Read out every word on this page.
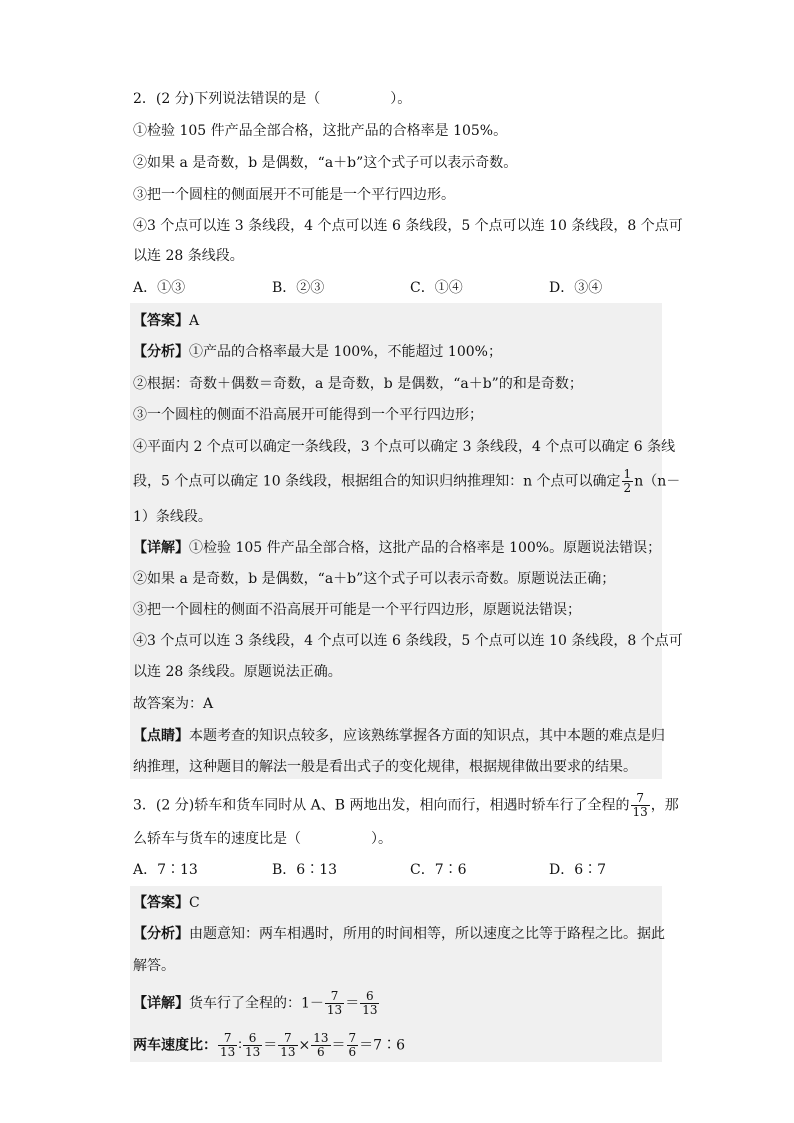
2．(2 分)下列说法错误的是（	）。
①检验 105 件产品全部合格，这批产品的合格率是 105%。
②如果 a 是奇数，b 是偶数，“a＋b”这个式子可以表示奇数。
③把一个圆柱的侧面展开不可能是一个平行四边形。
④3 个点可以连 3 条线段，4 个点可以连 6 条线段，5 个点可以连 10 条线段，8 个点可
以连 28 条线段。
A．①③	B．②③	C．①④	D．③④
【答案】A
【分析】①产品的合格率最大是 100%，不能超过 100%；
②根据：奇数＋偶数＝奇数，a 是奇数，b 是偶数，“a＋b”的和是奇数；
③一个圆柱的侧面不沿高展开可能得到一个平行四边形；
④平面内 2 个点可以确定一条线段，3 个点可以确定 3 条线段，4 个点可以确定 6 条线
段，5 个点可以确定 10 条线段，根据组合的知识归纳推理知：n 个点可以确定 $\frac{1}{2} n(n-$
1）条线段。
【详解】①检验 105 件产品全部合格，这批产品的合格率是 100%。原题说法错误；
②如果 a 是奇数，b 是偶数，“a＋b”这个式子可以表示奇数。原题说法正确；
③把一个圆柱的侧面不沿高展开可能是一个平行四边形，原题说法错误；
④3 个点可以连 3 条线段，4 个点可以连 6 条线段，5 个点可以连 10 条线段，8 个点可
以连 28 条线段。原题说法正确。
故答案为：A
【点睛】本题考查的知识点较多，应该熟练掌握各方面的知识点，其中本题的难点是归
纳推理，这种题目的解法一般是看出式子的变化规律，根据规律做出要求的结果。
3．(2 分)轿车和货车同时从 A、B 两地出发，相向而行，相遇时轿车行了全程的 $\frac{7}{13}$ ，那
么轿车与货车的速度比是（	）。
A．7∶13	B．6∶13	C．7∶6	D．6∶7
【答案】C
【分析】由题意知：两车相遇时，所用的时间相等，所以速度之比等于路程之比。据此
解答。
【详解】货车行了全程的：$1- \frac{7}{13} = \frac{6}{13}$
两车速度比： $\frac{7}{13}$ ∶ $\frac{6}{13} = \frac{7}{13} \times \frac{13}{6} = \frac{7}{6}$ ＝7∶6
